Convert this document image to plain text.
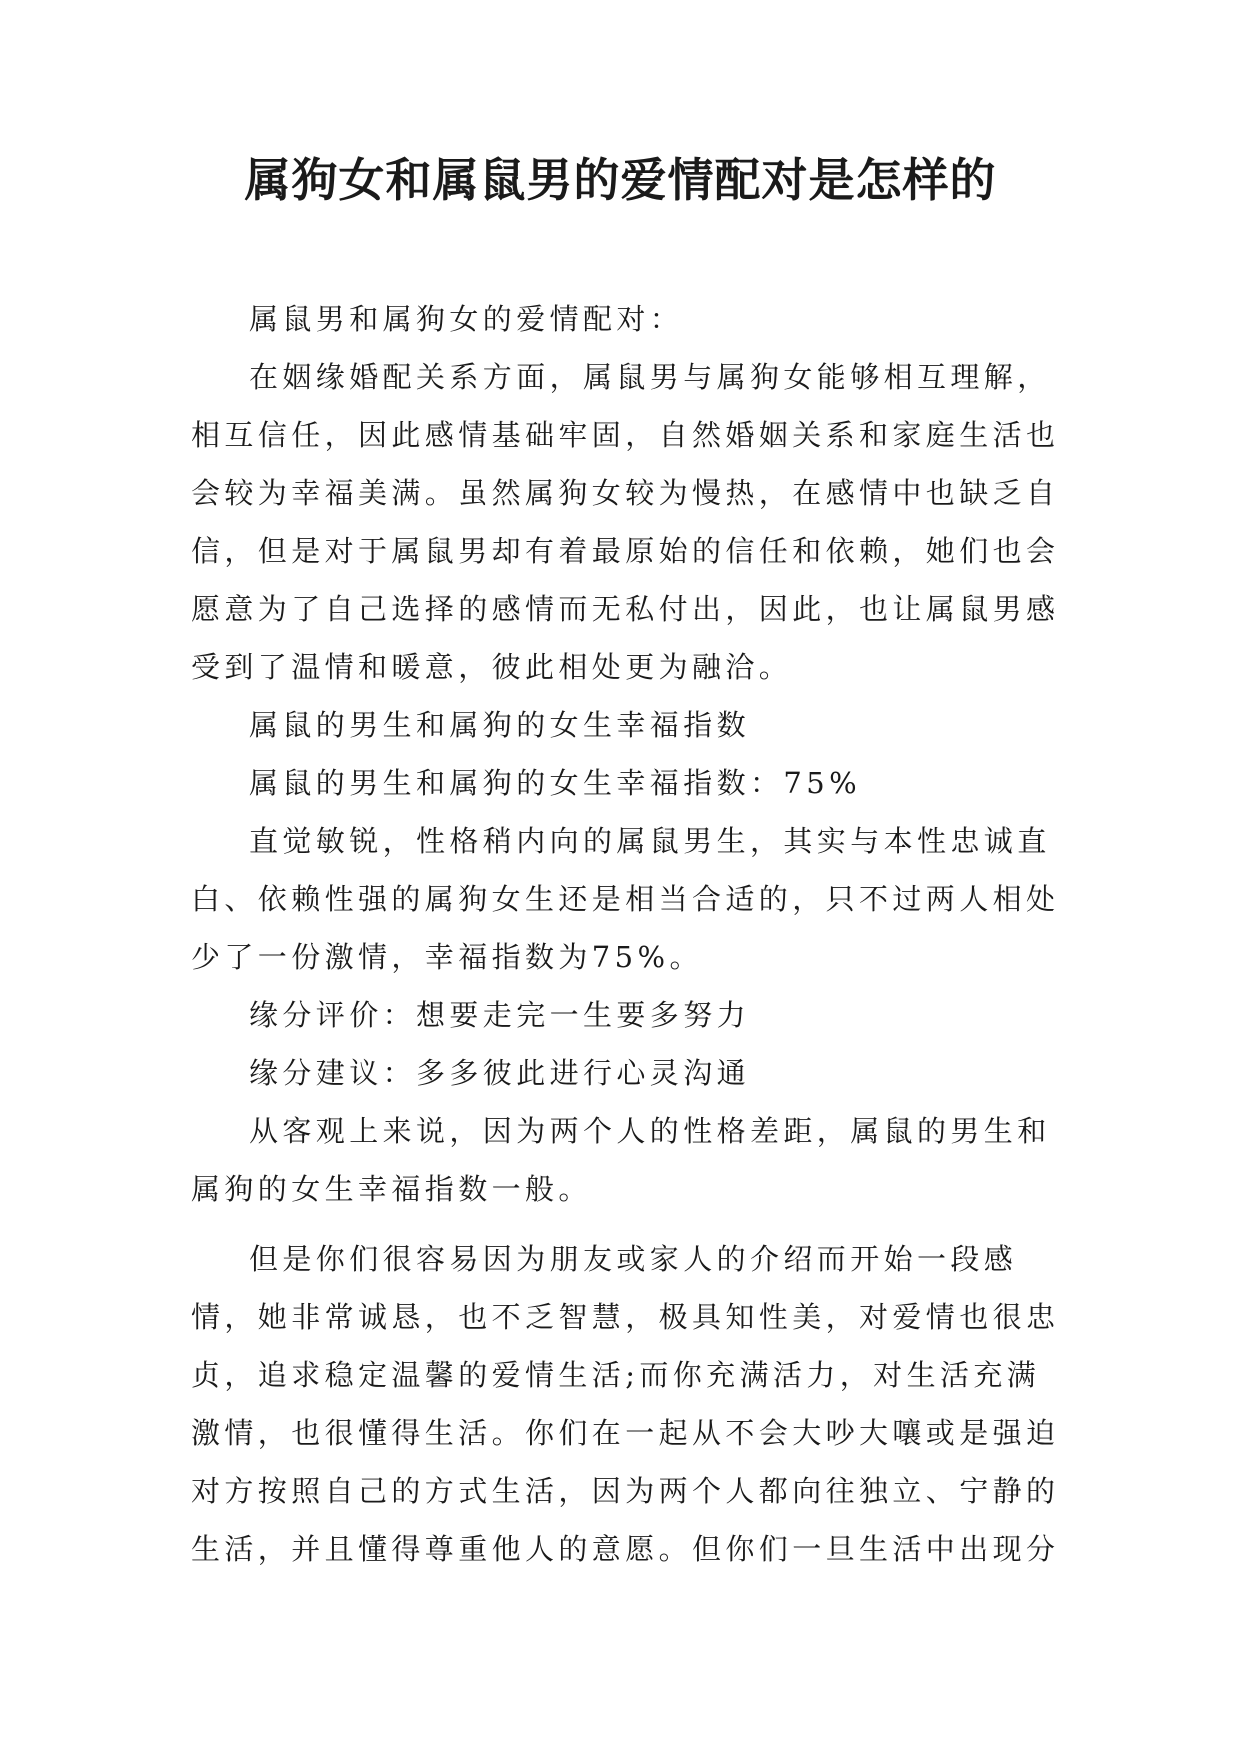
属狗女和属鼠男的爱情配对是怎样的

属鼠男和属狗女的爱情配对：

在姻缘婚配关系方面，属鼠男与属狗女能够相互理解，相互信任，因此感情基础牢固，自然婚姻关系和家庭生活也会较为幸福美满。虽然属狗女较为慢热，在感情中也缺乏自信，但是对于属鼠男却有着最原始的信任和依赖，她们也会愿意为了自己选择的感情而无私付出，因此，也让属鼠男感受到了温情和暖意，彼此相处更为融洽。

属鼠的男生和属狗的女生幸福指数

属鼠的男生和属狗的女生幸福指数：75%

直觉敏锐，性格稍内向的属鼠男生，其实与本性忠诚直白、依赖性强的属狗女生还是相当合适的，只不过两人相处少了一份激情，幸福指数为75%。

缘分评价：想要走完一生要多努力

缘分建议：多多彼此进行心灵沟通

从客观上来说，因为两个人的性格差距，属鼠的男生和属狗的女生幸福指数一般。

但是你们很容易因为朋友或家人的介绍而开始一段感情，她非常诚恳，也不乏智慧，极具知性美，对爱情也很忠贞，追求稳定温馨的爱情生活;而你充满活力，对生活充满激情，也很懂得生活。你们在一起从不会大吵大嚷或是强迫对方按照自己的方式生活，因为两个人都向往独立、宁静的生活，并且懂得尊重他人的意愿。但你们一旦生活中出现分
